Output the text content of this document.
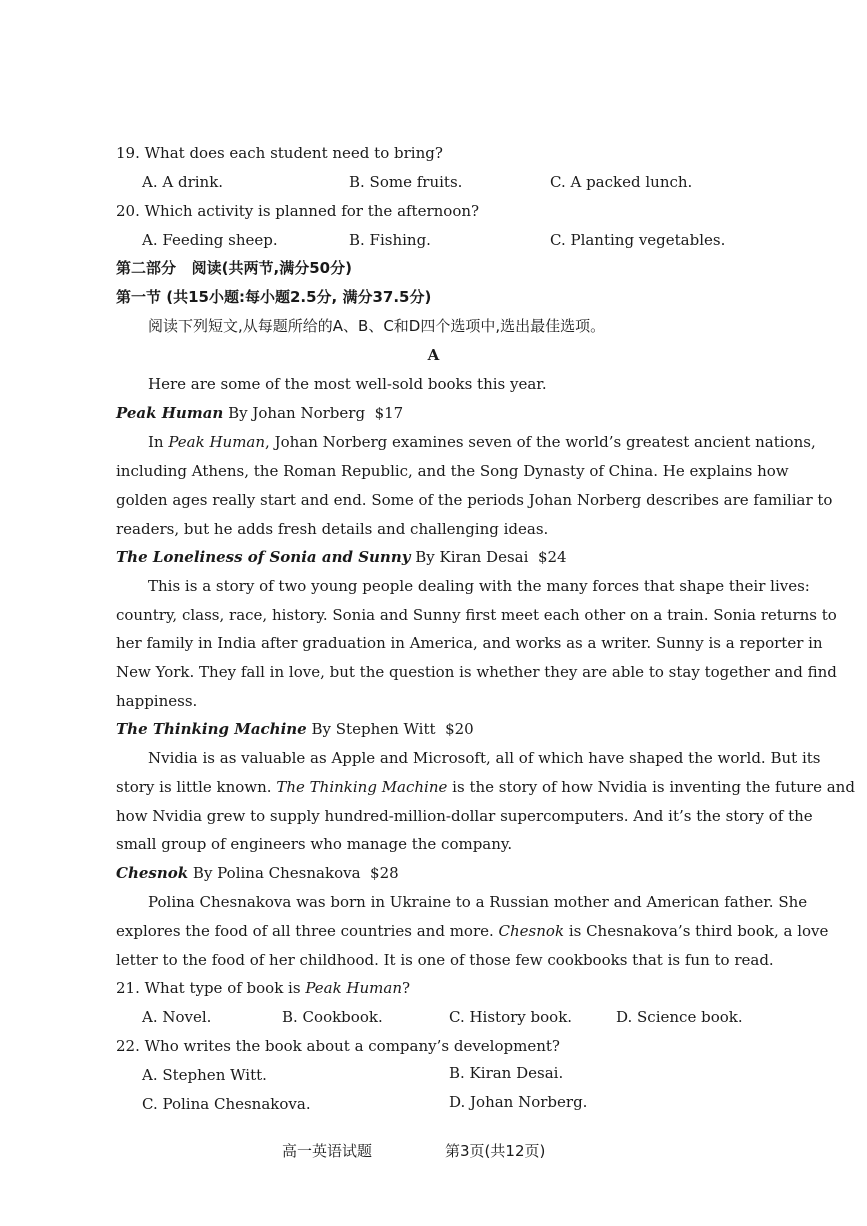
19. What does each student need to bring?
A. A drink.	B. Some fruits.	C. A packed lunch.
20. Which activity is planned for the afternoon?
A. Feeding sheep.	B. Fishing.	C. Planting vegetables.
第二部分   阅读(共两节,满分50分)
第一节 (共15小题:每小题2.5分, 满分37.5分)
阅读下列短文,从每题所给的A、B、C和D四个选项中,选出最佳选项。
A
Here are some of the most well-sold books this year.
Peak Human By Johan Norberg  $17
In Peak Human, Johan Norberg examines seven of the world’s greatest ancient nations,
including Athens, the Roman Republic, and the Song Dynasty of China. He explains how
golden ages really start and end. Some of the periods Johan Norberg describes are familiar to
readers, but he adds fresh details and challenging ideas.
The Loneliness of Sonia and Sunny By Kiran Desai  $24
This is a story of two young people dealing with the many forces that shape their lives:
country, class, race, history. Sonia and Sunny first meet each other on a train. Sonia returns to
her family in India after graduation in America, and works as a writer. Sunny is a reporter in
New York. They fall in love, but the question is whether they are able to stay together and find
happiness.
The Thinking Machine By Stephen Witt  $20
Nvidia is as valuable as Apple and Microsoft, all of which have shaped the world. But its
story is little known. The Thinking Machine is the story of how Nvidia is inventing the future and
how Nvidia grew to supply hundred-million-dollar supercomputers. And it’s the story of the
small group of engineers who manage the company.
Chesnok By Polina Chesnakova  $28
Polina Chesnakova was born in Ukraine to a Russian mother and American father. She
explores the food of all three countries and more. Chesnok is Chesnakova’s third book, a love
letter to the food of her childhood. It is one of those few cookbooks that is fun to read.
21. What type of book is Peak Human?
A. Novel.	B. Cookbook.	C. History book.	D. Science book.
22. Who writes the book about a company’s development?
A. Stephen Witt.	B. Kiran Desai.
C. Polina Chesnakova.	D. Johan Norberg.
高一英语试题	第3页(共12页)
